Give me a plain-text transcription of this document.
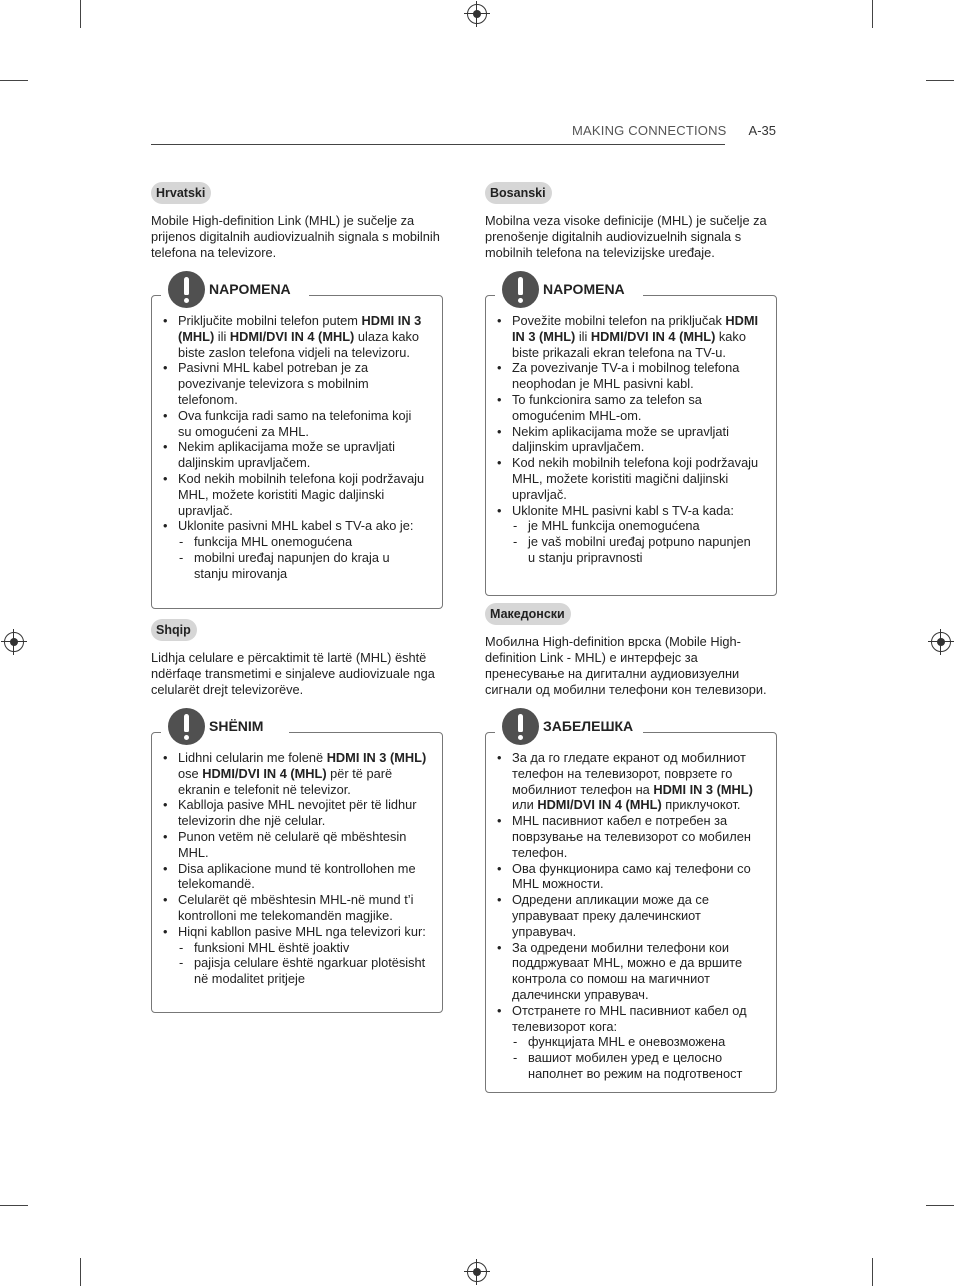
MAKING CONNECTIONS A-35
Hrvatski
Mobile High-definition Link (MHL) je sučelje za prijenos digitalnih audiovizualnih signala s mobilnih telefona na televizore.
NAPOMENA
• Priključite mobilni telefon putem HDMI IN 3 (MHL) ili HDMI/DVI IN 4 (MHL) ulaza kako biste zaslon telefona vidjeli na televizoru.
• Pasivni MHL kabel potreban je za povezivanje televizora s mobilnim telefonom.
• Ova funkcija radi samo na telefonima koji su omogućeni za MHL.
• Nekim aplikacijama može se upravljati daljinskim upravljačem.
• Kod nekih mobilnih telefona koji podržavaju MHL, možete koristiti Magic daljinski upravljač.
• Uklonite pasivni MHL kabel s TV-a ako je:
- funkcija MHL onemogućena
- mobilni uređaj napunjen do kraja u stanju mirovanja
Bosanski
Mobilna veza visoke definicije (MHL) je sučelje za prenošenje digitalnih audiovizuelnih signala s mobilnih telefona na televizijske uređaje.
NAPOMENA
• Povežite mobilni telefon na priključak HDMI IN 3 (MHL) ili HDMI/DVI IN 4 (MHL) kako biste prikazali ekran telefona na TV-u.
• Za povezivanje TV-a i mobilnog telefona neophodan je MHL pasivni kabl.
• To funkcionira samo za telefon sa omogućenim MHL-om.
• Nekim aplikacijama može se upravljati daljinskim upravljačem.
• Kod nekih mobilnih telefona koji podržavaju MHL, možete koristiti magični daljinski upravljač.
• Uklonite MHL pasivni kabl s TV-a kada:
- je MHL funkcija onemogućena
- je vaš mobilni uređaj potpuno napunjen u stanju pripravnosti
Shqip
Lidhja celulare e përcaktimit të lartë (MHL) është ndërfaqe transmetimi e sinjaleve audiovizuale nga celularët drejt televizorëve.
SHËNIM
• Lidhni celularin me folenë HDMI IN 3 (MHL) ose HDMI/DVI IN 4 (MHL) për të parë ekranin e telefonit në televizor.
• Kablloja pasive MHL nevojitet për të lidhur televizorin dhe një celular.
• Punon vetëm në celularë që mbështesin MHL.
• Disa aplikacione mund të kontrollohen me telekomandë.
• Celularët që mbështesin MHL-në mund t’i kontrolloni me telekomandën magjike.
• Hiqni kabllon pasive MHL nga televizori kur:
- funksioni MHL është joaktiv
- pajisja celulare është ngarkuar plotësisht në modalitet pritjeje
Македонски
Мобилна High-definition врска (Mobile High-definition Link - MHL) е интерфејс за пренесување на дигитални аудиовизуелни сигнали од мобилни телефони кон телевизори.
ЗАБЕЛЕШКА
• За да го гледате екранот од мобилниот телефон на телевизорот, поврзете го мобилниот телефон на HDMI IN 3 (MHL) или HDMI/DVI IN 4 (MHL) приклучокот.
• MHL пасивниот кабел е потребен за поврзување на телевизорот со мобилен телефон.
• Ова функционира само кај телефони со MHL можности.
• Одредени апликации може да се управуваат преку далечинскиот управувач.
• За одредени мобилни телефони кои поддржуваат MHL, можно е да вршите контрола со помош на магичниот далечински управувач.
• Отстранете го MHL пасивниот кабел од телевизорот кога:
- функцијата MHL е оневозможена
- вашиот мобилен уред е целосно наполнет во режим на подготвеност
